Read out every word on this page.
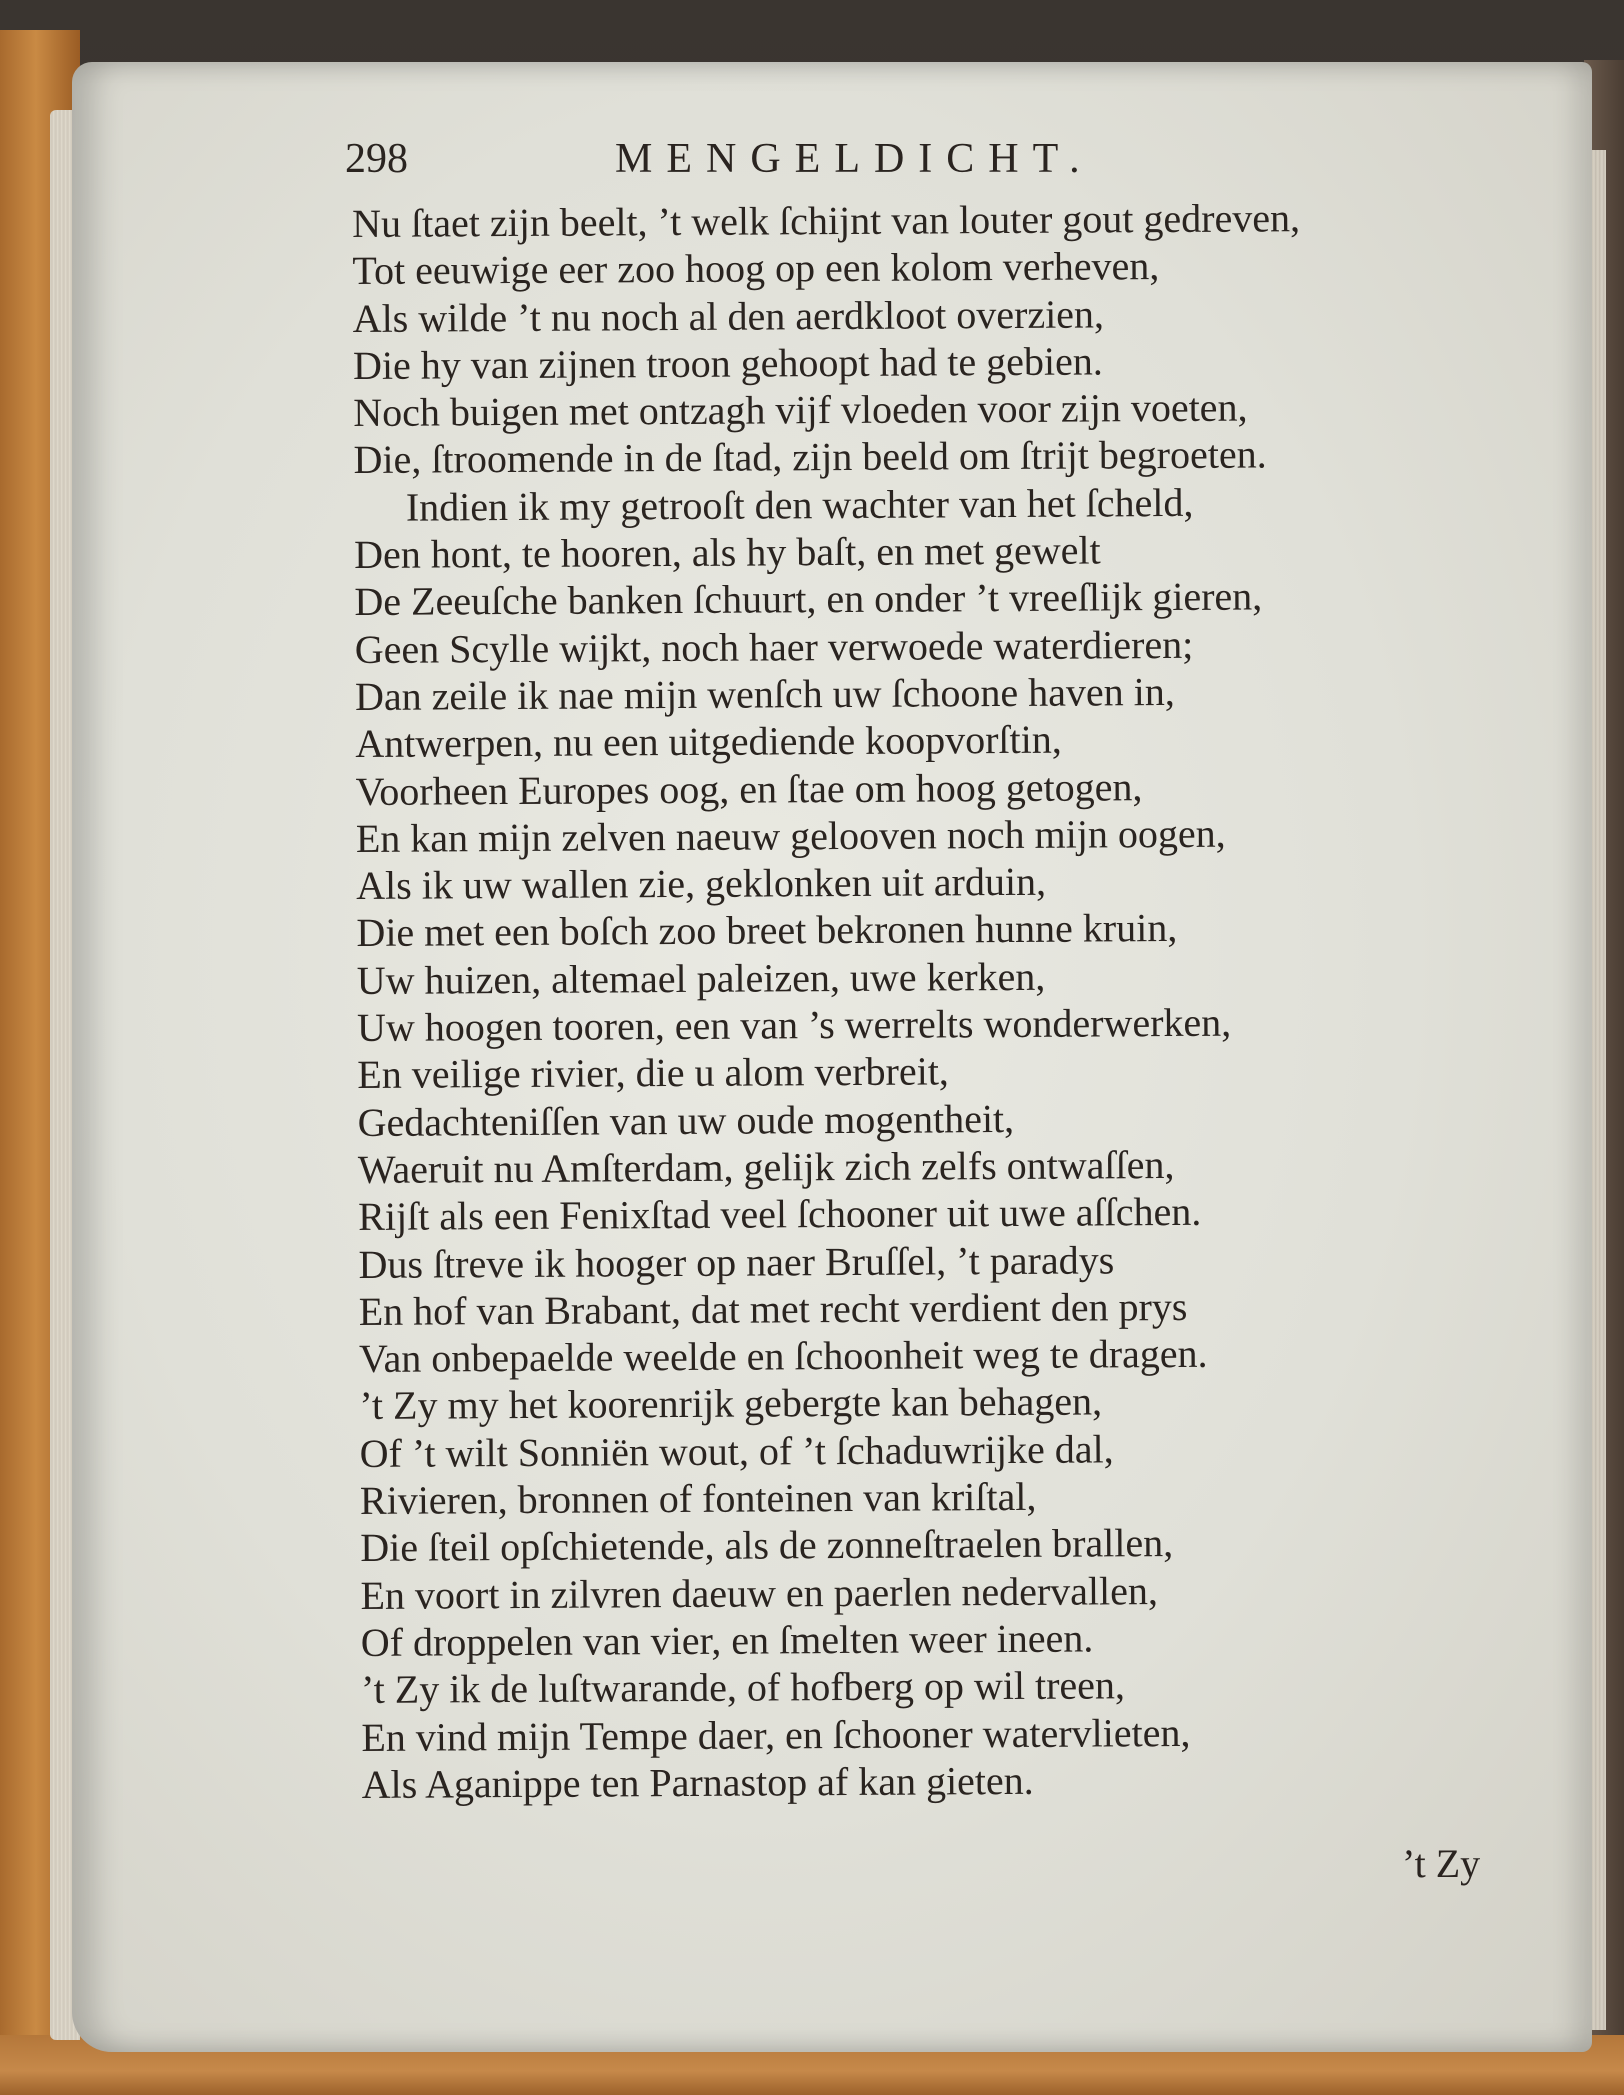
298	MENGELDICHT.
Nu ſtaet zijn beelt, ’t welk ſchijnt van louter gout gedreven,
Tot eeuwige eer zoo hoog op een kolom verheven,
Als wilde ’t nu noch al den aerdkloot overzien,
Die hy van zijnen troon gehoopt had te gebien.
Noch buigen met ontzagh vijf vloeden voor zijn voeten,
Die, ſtroomende in de ſtad, zijn beeld om ſtrijt begroeten.
Indien ik my getrooſt den wachter van het ſcheld,
Den hont, te hooren, als hy baſt, en met gewelt
De Zeeuſche banken ſchuurt, en onder ’t vreeſlijk gieren,
Geen Scylle wijkt, noch haer verwoede waterdieren;
Dan zeile ik nae mijn wenſch uw ſchoone haven in,
Antwerpen, nu een uitgediende koopvorſtin,
Voorheen Europes oog, en ſtae om hoog getogen,
En kan mijn zelven naeuw gelooven noch mijn oogen,
Als ik uw wallen zie, geklonken uit arduin,
Die met een boſch zoo breet bekronen hunne kruin,
Uw huizen, altemael paleizen, uwe kerken,
Uw hoogen tooren, een van ’s werrelts wonderwerken,
En veilige rivier, die u alom verbreit,
Gedachteniſſen van uw oude mogentheit,
Waeruit nu Amſterdam, gelijk zich zelfs ontwaſſen,
Rijſt als een Fenixſtad veel ſchooner uit uwe aſſchen.
Dus ſtreve ik hooger op naer Bruſſel, ’t paradys
En hof van Brabant, dat met recht verdient den prys
Van onbepaelde weelde en ſchoonheit weg te dragen.
’t Zy my het koorenrijk gebergte kan behagen,
Of ’t wilt Sonniën wout, of ’t ſchaduwrijke dal,
Rivieren, bronnen of fonteinen van kriſtal,
Die ſteil opſchietende, als de zonneſtraelen brallen,
En voort in zilvren daeuw en paerlen nedervallen,
Of droppelen van vier, en ſmelten weer ineen.
’t Zy ik de luſtwarande, of hofberg op wil treen,
En vind mijn Tempe daer, en ſchooner watervlieten,
Als Aganippe ten Parnastop af kan gieten.
’t Zy
